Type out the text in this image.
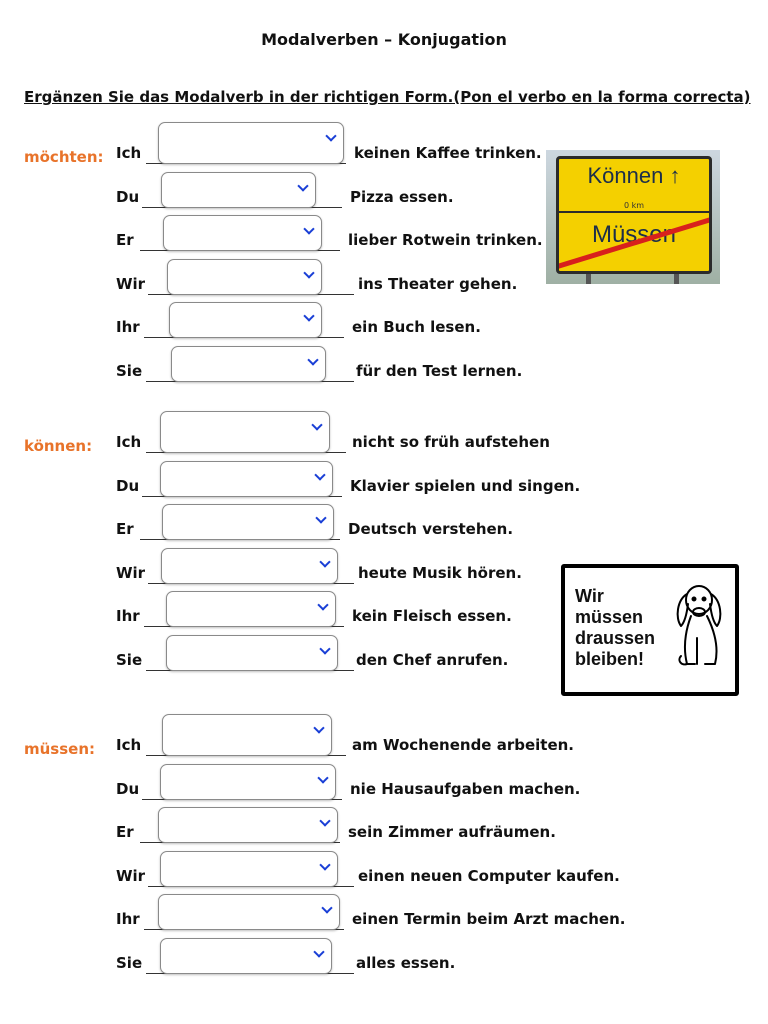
Modalverben – Konjugation
Ergänzen Sie das Modalverb in der richtigen Form.(Pon el verbo en la forma correcta)
möchten: Ich	keinen Kaffee trinken.
Du	Pizza essen.
Er	lieber Rotwein trinken.
Wir	ins Theater gehen.
Ihr	ein Buch lesen.
Sie	für den Test lernen.
können: Ich	nicht so früh aufstehen
Du	Klavier spielen und singen.
Er	Deutsch verstehen.
Wir	heute Musik hören.
Ihr	kein Fleisch essen.
Sie	den Chef anrufen.
müssen: Ich	am Wochenende arbeiten.
Du	nie Hausaufgaben machen.
Er	sein Zimmer aufräumen.
Wir	einen neuen Computer kaufen.
Ihr	einen Termin beim Arzt machen.
Sie	alles essen.
Können ↑
0 km
Müssen
Wir
müssen
draussen
bleiben!
